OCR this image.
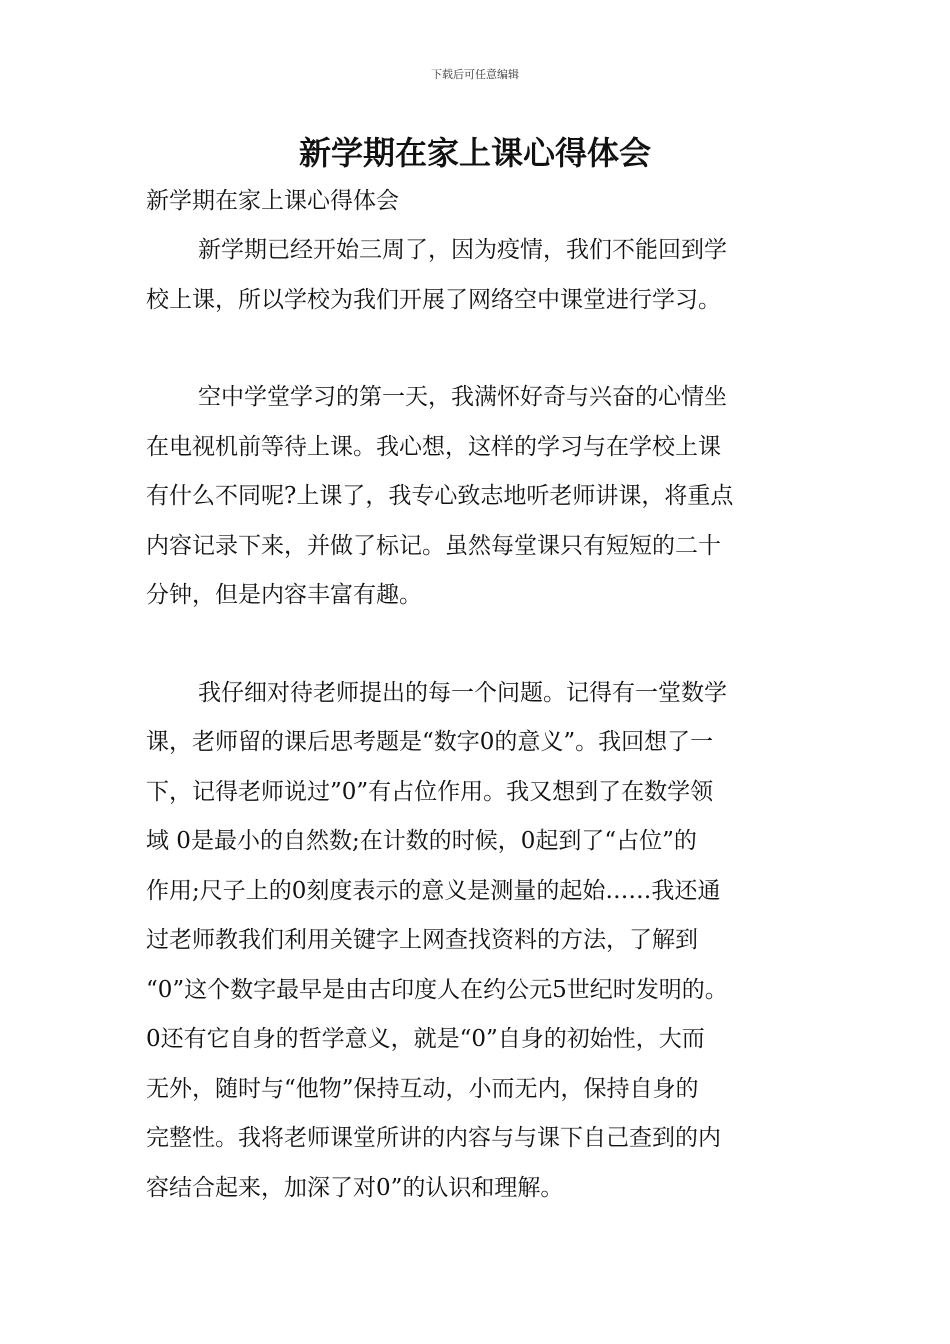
下载后可任意编辑
新学期在家上课心得体会

新学期在家上课心得体会

新学期已经开始三周了，因为疫情，我们不能回到学
校上课，所以学校为我们开展了网络空中课堂进行学习。
空中学堂学习的第一天，我满怀好奇与兴奋的心情坐
在电视机前等待上课。我心想，这样的学习与在学校上课
有什么不同呢?上课了，我专心致志地听老师讲课，将重点
内容记录下来，并做了标记。虽然每堂课只有短短的二十
分钟，但是内容丰富有趣。
我仔细对待老师提出的每一个问题。记得有一堂数学
课，老师留的课后思考题是“数字0的意义”。我回想了一
下，记得老师说过”0”有占位作用。我又想到了在数学领
域 0是最小的自然数;在计数的时候，0起到了“占位”的
作用;尺子上的0刻度表示的意义是测量的起始……我还通
过老师教我们利用关键字上网查找资料的方法，了解到
“0”这个数字最早是由古印度人在约公元5世纪时发明的。
0还有它自身的哲学意义，就是“0”自身的初始性，大而
无外，随时与“他物”保持互动，小而无内，保持自身的
完整性。我将老师课堂所讲的内容与与课下自己查到的内
容结合起来，加深了对0”的认识和理解。
